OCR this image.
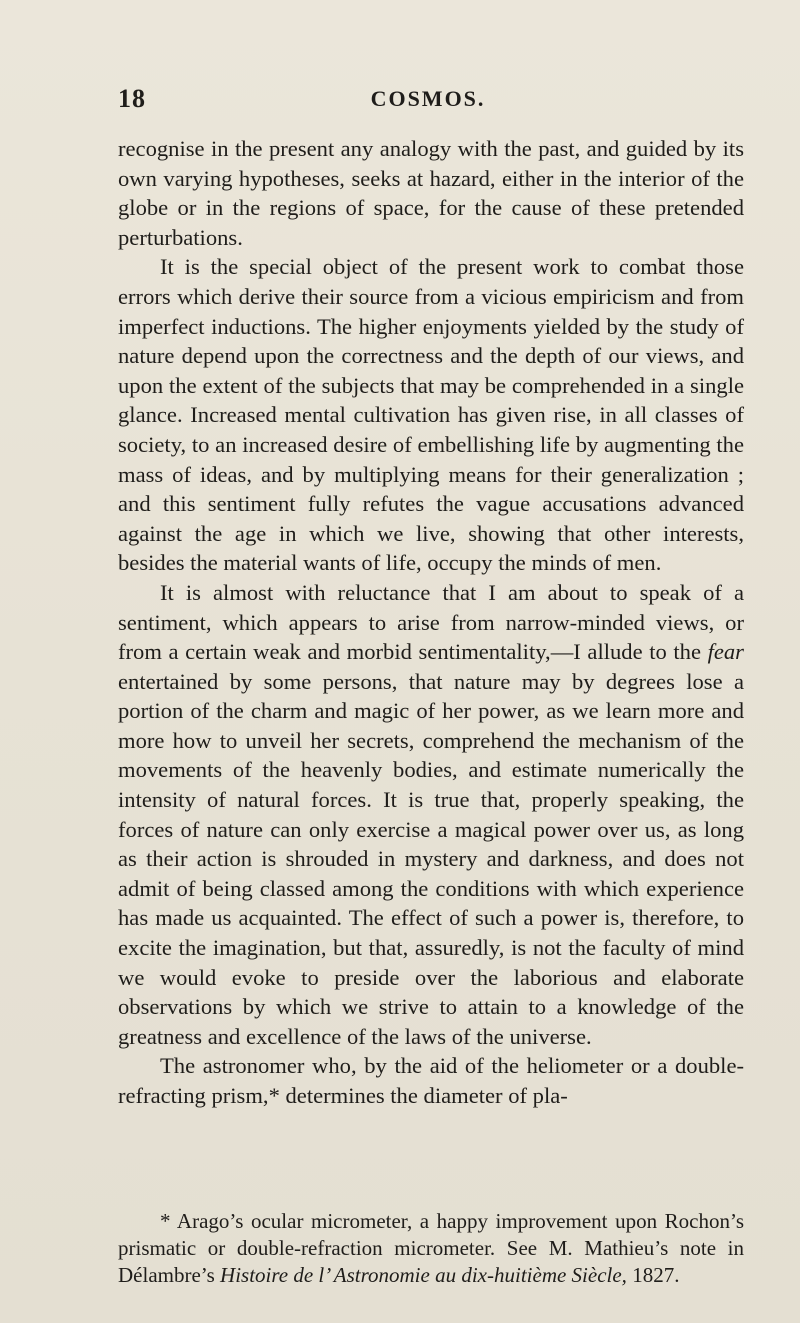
18	COSMOS.

recognise in the present any analogy with the past, and guided by its own varying hypotheses, seeks at hazard, either in the interior of the globe or in the regions of space, for the cause of these pretended perturbations.

It is the special object of the present work to combat those errors which derive their source from a vicious empiricism and from imperfect inductions. The higher enjoyments yielded by the study of nature depend upon the correctness and the depth of our views, and upon the extent of the subjects that may be comprehended in a single glance. Increased mental cultivation has given rise, in all classes of society, to an increased desire of embellishing life by augmenting the mass of ideas, and by multiplying means for their generalization ; and this sentiment fully refutes the vague accusations advanced against the age in which we live, showing that other interests, besides the material wants of life, occupy the minds of men.

It is almost with reluctance that I am about to speak of a sentiment, which appears to arise from narrow-minded views, or from a certain weak and morbid sentimentality,—I allude to the fear entertained by some persons, that nature may by degrees lose a portion of the charm and magic of her power, as we learn more and more how to unveil her secrets, comprehend the mechanism of the movements of the heavenly bodies, and estimate numerically the intensity of natural forces. It is true that, properly speaking, the forces of nature can only exercise a magical power over us, as long as their action is shrouded in mystery and darkness, and does not admit of being classed among the conditions with which experience has made us acquainted. The effect of such a power is, therefore, to excite the imagination, but that, assuredly, is not the faculty of mind we would evoke to preside over the laborious and elaborate observations by which we strive to attain to a knowledge of the greatness and excellence of the laws of the universe.

The astronomer who, by the aid of the heliometer or a double-refracting prism,* determines the diameter of pla-

* Arago’s ocular micrometer, a happy improvement upon Rochon’s prismatic or double-refraction micrometer. See M. Mathieu’s note in Délambre’s Histoire de l’ Astronomie au dix-huitième Siècle, 1827.
